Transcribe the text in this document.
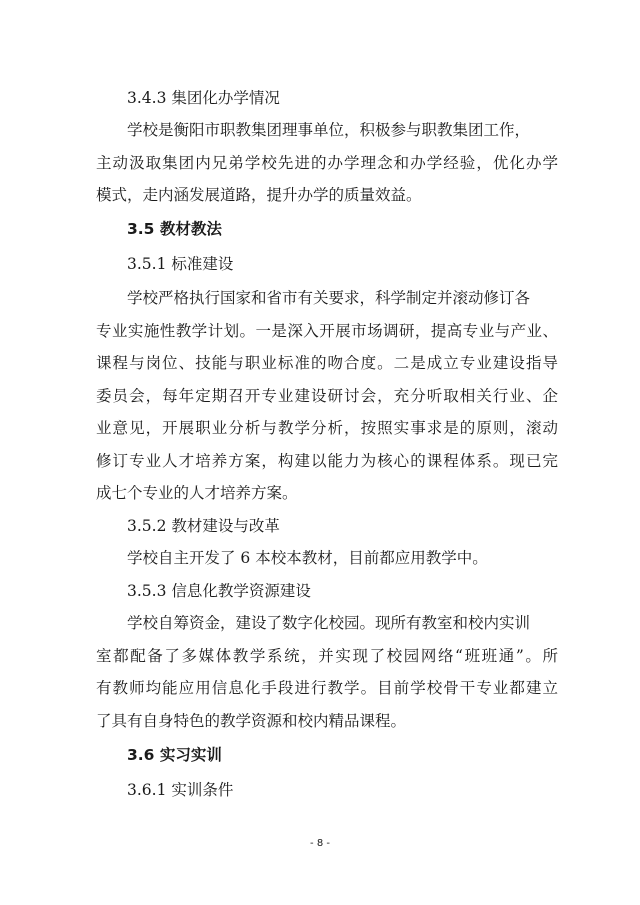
3.4.3 集团化办学情况
学校是衡阳市职教集团理事单位，积极参与职教集团工作，
主动汲取集团内兄弟学校先进的办学理念和办学经验，优化办学
模式，走内涵发展道路，提升办学的质量效益。
3.5 教材教法
3.5.1 标准建设
学校严格执行国家和省市有关要求，科学制定并滚动修订各
专业实施性教学计划。一是深入开展市场调研，提高专业与产业、
课程与岗位、技能与职业标准的吻合度。二是成立专业建设指导
委员会，每年定期召开专业建设研讨会，充分听取相关行业、企
业意见，开展职业分析与教学分析，按照实事求是的原则，滚动
修订专业人才培养方案，构建以能力为核心的课程体系。现已完
成七个专业的人才培养方案。
3.5.2 教材建设与改革
学校自主开发了 6 本校本教材，目前都应用教学中。
3.5.3 信息化教学资源建设
学校自筹资金，建设了数字化校园。现所有教室和校内实训
室都配备了多媒体教学系统，并实现了校园网络“班班通”。所
有教师均能应用信息化手段进行教学。目前学校骨干专业都建立
了具有自身特色的教学资源和校内精品课程。
3.6 实习实训
3.6.1 实训条件
- 8 -
